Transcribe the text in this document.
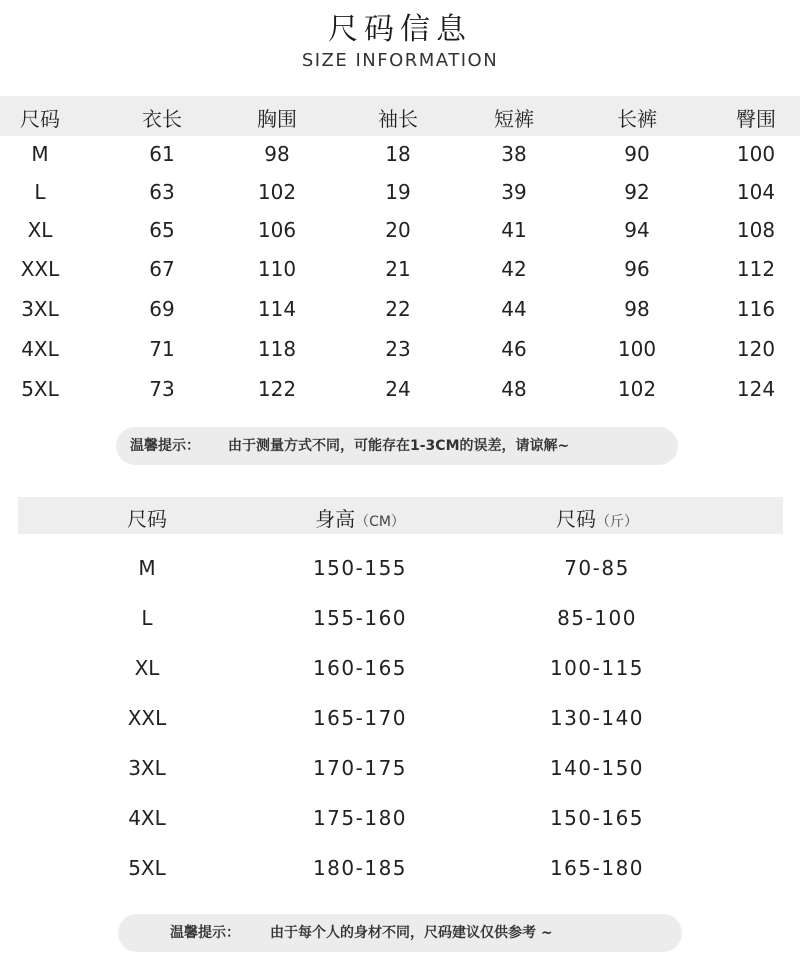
尺码信息
SIZE INFORMATION
尺码	衣长	胸围	袖长	短裤	长裤	臀围
M	61	98	18	38	90	100
L	63	102	19	39	92	104
XL	65	106	20	41	94	108
XXL	67	110	21	42	96	112
3XL	69	114	22	44	98	116
4XL	71	118	23	46	100	120
5XL	73	122	24	48	102	124
温馨提示： 由于测量方式不同，可能存在1-3CM的误差，请谅解~
尺码	身高（CM）	尺码（斤）
M	150-155	70-85
L	155-160	85-100
XL	160-165	100-115
XXL	165-170	130-140
3XL	170-175	140-150
4XL	175-180	150-165
5XL	180-185	165-180
温馨提示： 由于每个人的身材不同，尺码建议仅供参考 ~
